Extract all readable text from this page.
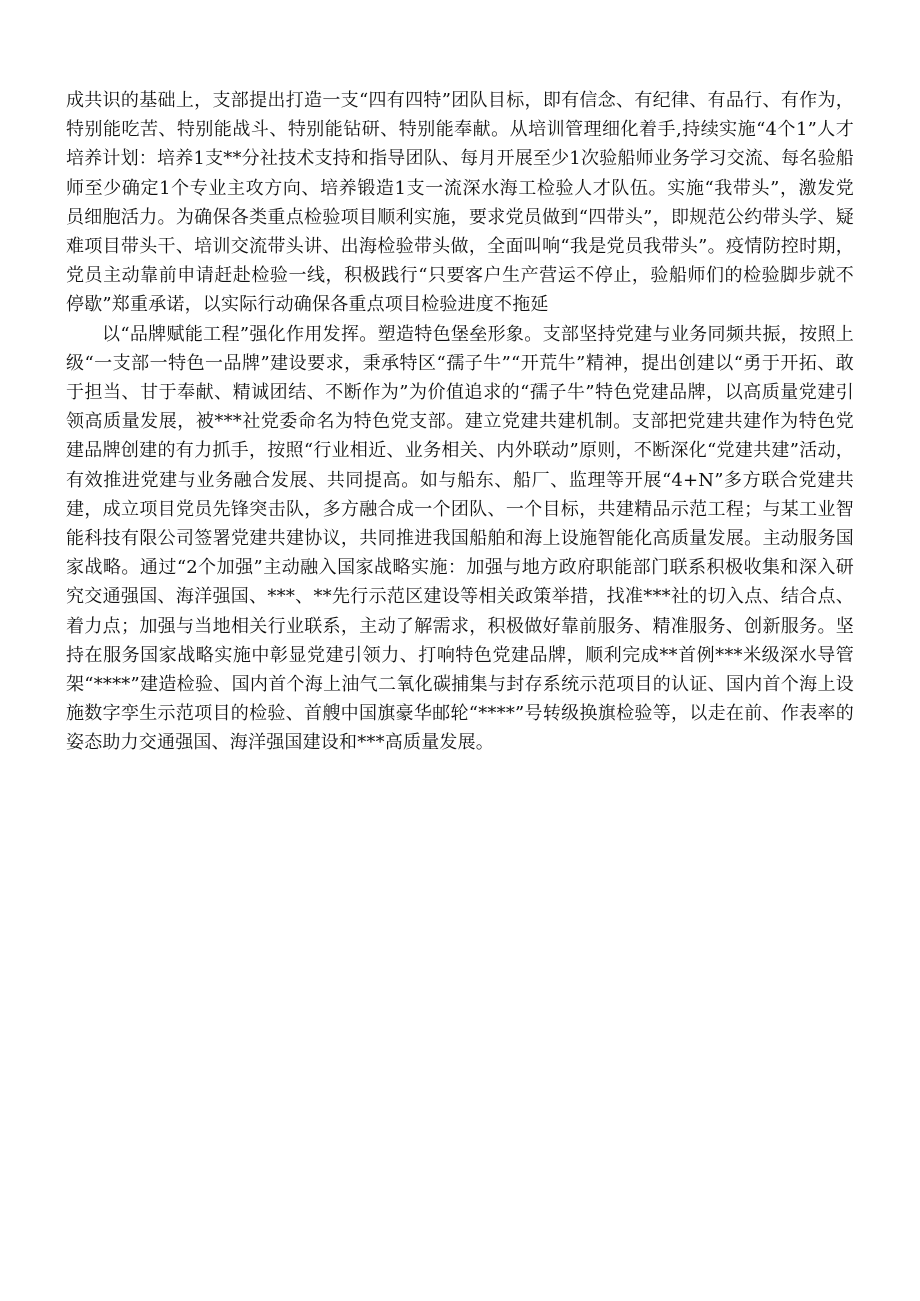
成共识的基础上，支部提出打造一支“四有四特”团队目标，即有信念、有纪律、有品行、有作为，特别能吃苦、特别能战斗、特别能钻研、特别能奉献。从培训管理细化着手,持续实施“4个1”人才培养计划：培养1支**分社技术支持和指导团队、每月开展至少1次验船师业务学习交流、每名验船师至少确定1个专业主攻方向、培养锻造1支一流深水海工检验人才队伍。实施“我带头”，激发党员细胞活力。为确保各类重点检验项目顺利实施，要求党员做到“四带头”，即规范公约带头学、疑难项目带头干、培训交流带头讲、出海检验带头做，全面叫响“我是党员我带头”。疫情防控时期，党员主动靠前申请赶赴检验一线，积极践行“只要客户生产营运不停止，验船师们的检验脚步就不停歇”郑重承诺，以实际行动确保各重点项目检验进度不拖延

以“品牌赋能工程”强化作用发挥。塑造特色堡垒形象。支部坚持党建与业务同频共振，按照上级“一支部一特色一品牌”建设要求，秉承特区“孺子牛”“开荒牛”精神，提出创建以“勇于开拓、敢于担当、甘于奉献、精诚团结、不断作为”为价值追求的“孺子牛”特色党建品牌，以高质量党建引领高质量发展，被***社党委命名为特色党支部。建立党建共建机制。支部把党建共建作为特色党建品牌创建的有力抓手，按照“行业相近、业务相关、内外联动”原则，不断深化“党建共建”活动，有效推进党建与业务融合发展、共同提高。如与船东、船厂、监理等开展“4+N”多方联合党建共建，成立项目党员先锋突击队，多方融合成一个团队、一个目标，共建精品示范工程；与某工业智能科技有限公司签署党建共建协议，共同推进我国船舶和海上设施智能化高质量发展。主动服务国家战略。通过“2个加强”主动融入国家战略实施：加强与地方政府职能部门联系积极收集和深入研究交通强国、海洋强国、***、**先行示范区建设等相关政策举措，找准***社的切入点、结合点、着力点；加强与当地相关行业联系，主动了解需求，积极做好靠前服务、精准服务、创新服务。坚持在服务国家战略实施中彰显党建引领力、打响特色党建品牌，顺利完成**首例***米级深水导管架“****”建造检验、国内首个海上油气二氧化碳捕集与封存系统示范项目的认证、国内首个海上设施数字孪生示范项目的检验、首艘中国旗豪华邮轮“****”号转级换旗检验等，以走在前、作表率的姿态助力交通强国、海洋强国建设和***高质量发展。
